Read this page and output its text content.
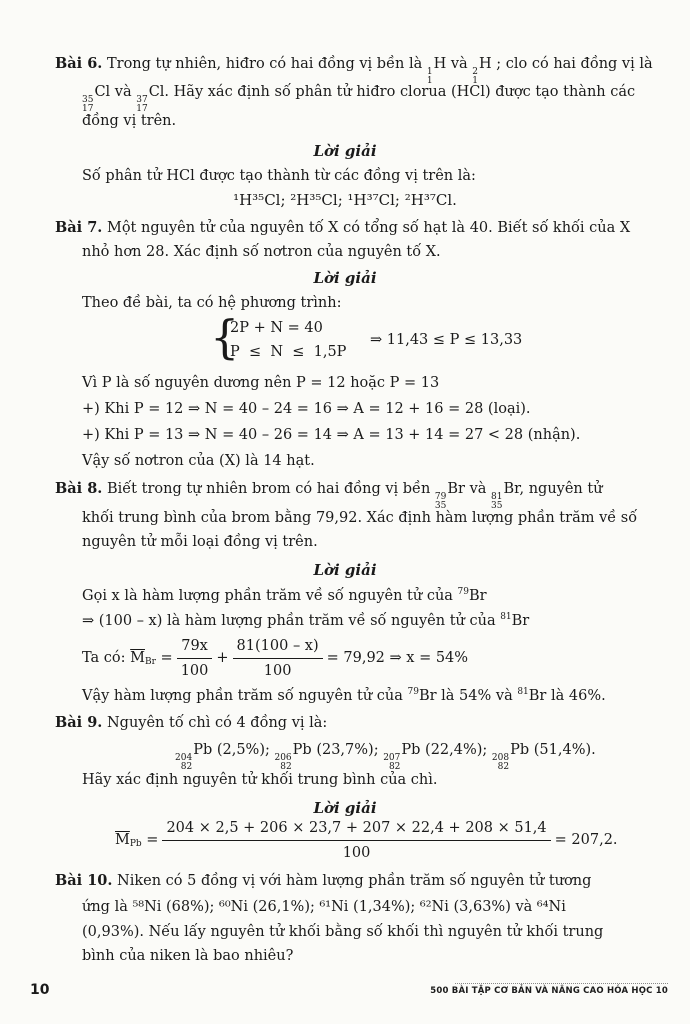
Bài 6. Trong tự nhiên, hiđro có hai đồng vị bền là 1
1
H và 2
1
H ; clo có hai đồng vị là
35
17
Cl và 37
17
Cl. Hãy xác định số phân tử hiđro clorua (HCl) được tạo thành các
đồng vị trên.
Lời giải
Số phân tử HCl được tạo thành từ các đồng vị trên là:
¹H³⁵Cl; ²H³⁵Cl; ¹H³⁷Cl; ²H³⁷Cl.
Bài 7. Một nguyên tử của nguyên tố X có tổng số hạt là 40. Biết số khối của X
nhỏ hơn 28. Xác định số nơtron của nguyên tố X.
Lời giải
Theo đề bài, ta có hệ phương trình:
{
2P + N = 40
P  ≤  N  ≤  1,5P
⇒ 11,43 ≤ P ≤ 13,33
Vì P là số nguyên dương nên P = 12 hoặc P = 13
+) Khi P = 12 ⇒ N = 40 – 24 = 16 ⇒ A = 12 + 16 = 28 (loại).
+) Khi P = 13 ⇒ N = 40 – 26 = 14 ⇒ A = 13 + 14 = 27 < 28 (nhận).
Vậy số nơtron của (X) là 14 hạt.
Bài 8. Biết trong tự nhiên brom có hai đồng vị bền 79
35
Br và 81
35
Br, nguyên tử
khối trung bình của brom bằng 79,92. Xác định hàm lượng phần trăm về số
nguyên tử mỗi loại đồng vị trên.
Lời giải
Gọi x là hàm lượng phần trăm về số nguyên tử của $^{79}$Br
⇒ (100 – x) là hàm lượng phần trăm về số nguyên tử của $^{81}$Br
Ta có:
$\overline{M}$ $Br = \frac{79x}{100} + \frac{81(100 - x)}{100} = 79,92$ ⇒ x = 54%
Vậy hàm lượng phần trăm số nguyên tử của $^{79}$Br là 54% và $^{81}$Br là 46%.
Bài 9. Nguyên tố chì có 4 đồng vị là:
204
82
Pb (2,5%); 206
82
Pb (23,7%); 207
82
Pb (22,4%); 208
82
Pb (51,4%).
Hãy xác định nguyên tử khối trung bình của chì.
Lời giải
$\overline{M}$ Pb
= $\frac{204 \times 2,5 + 206 \times 23,7 + 207 \times 22,4 + 208 \times 51,4}{100} = 207,2$.
Bài 10. Niken có 5 đồng vị với hàm lượng phần trăm số nguyên tử tương
ứng là ⁵⁸Ni (68%); ⁶⁰Ni (26,1%); ⁶¹Ni (1,34%); ⁶²Ni (3,63%) và ⁶⁴Ni
(0,93%). Nếu lấy nguyên tử khối bằng số khối thì nguyên tử khối trung
bình của niken là bao nhiêu?
10	500 BÀI TẬP CƠ BẢN VÀ NÂNG CAO HÓA HỌC 10
